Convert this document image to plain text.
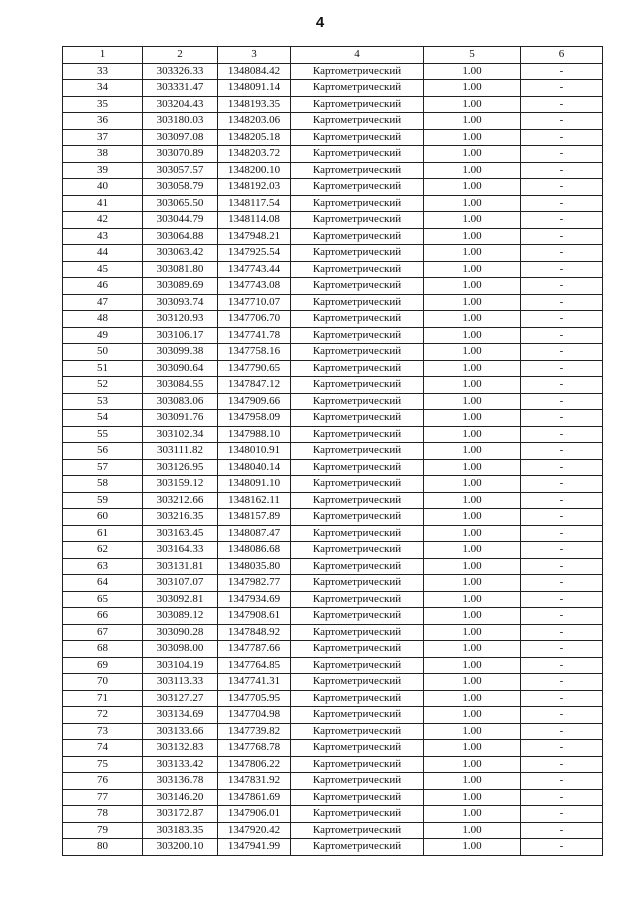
4
1	2	3	4	5	6
33	303326.33	1348084.42	Картометрический	1.00	-
34	303331.47	1348091.14	Картометрический	1.00	-
35	303204.43	1348193.35	Картометрический	1.00	-
36	303180.03	1348203.06	Картометрический	1.00	-
37	303097.08	1348205.18	Картометрический	1.00	-
38	303070.89	1348203.72	Картометрический	1.00	-
39	303057.57	1348200.10	Картометрический	1.00	-
40	303058.79	1348192.03	Картометрический	1.00	-
41	303065.50	1348117.54	Картометрический	1.00	-
42	303044.79	1348114.08	Картометрический	1.00	-
43	303064.88	1347948.21	Картометрический	1.00	-
44	303063.42	1347925.54	Картометрический	1.00	-
45	303081.80	1347743.44	Картометрический	1.00	-
46	303089.69	1347743.08	Картометрический	1.00	-
47	303093.74	1347710.07	Картометрический	1.00	-
48	303120.93	1347706.70	Картометрический	1.00	-
49	303106.17	1347741.78	Картометрический	1.00	-
50	303099.38	1347758.16	Картометрический	1.00	-
51	303090.64	1347790.65	Картометрический	1.00	-
52	303084.55	1347847.12	Картометрический	1.00	-
53	303083.06	1347909.66	Картометрический	1.00	-
54	303091.76	1347958.09	Картометрический	1.00	-
55	303102.34	1347988.10	Картометрический	1.00	-
56	303111.82	1348010.91	Картометрический	1.00	-
57	303126.95	1348040.14	Картометрический	1.00	-
58	303159.12	1348091.10	Картометрический	1.00	-
59	303212.66	1348162.11	Картометрический	1.00	-
60	303216.35	1348157.89	Картометрический	1.00	-
61	303163.45	1348087.47	Картометрический	1.00	-
62	303164.33	1348086.68	Картометрический	1.00	-
63	303131.81	1348035.80	Картометрический	1.00	-
64	303107.07	1347982.77	Картометрический	1.00	-
65	303092.81	1347934.69	Картометрический	1.00	-
66	303089.12	1347908.61	Картометрический	1.00	-
67	303090.28	1347848.92	Картометрический	1.00	-
68	303098.00	1347787.66	Картометрический	1.00	-
69	303104.19	1347764.85	Картометрический	1.00	-
70	303113.33	1347741.31	Картометрический	1.00	-
71	303127.27	1347705.95	Картометрический	1.00	-
72	303134.69	1347704.98	Картометрический	1.00	-
73	303133.66	1347739.82	Картометрический	1.00	-
74	303132.83	1347768.78	Картометрический	1.00	-
75	303133.42	1347806.22	Картометрический	1.00	-
76	303136.78	1347831.92	Картометрический	1.00	-
77	303146.20	1347861.69	Картометрический	1.00	-
78	303172.87	1347906.01	Картометрический	1.00	-
79	303183.35	1347920.42	Картометрический	1.00	-
80	303200.10	1347941.99	Картометрический	1.00	-
